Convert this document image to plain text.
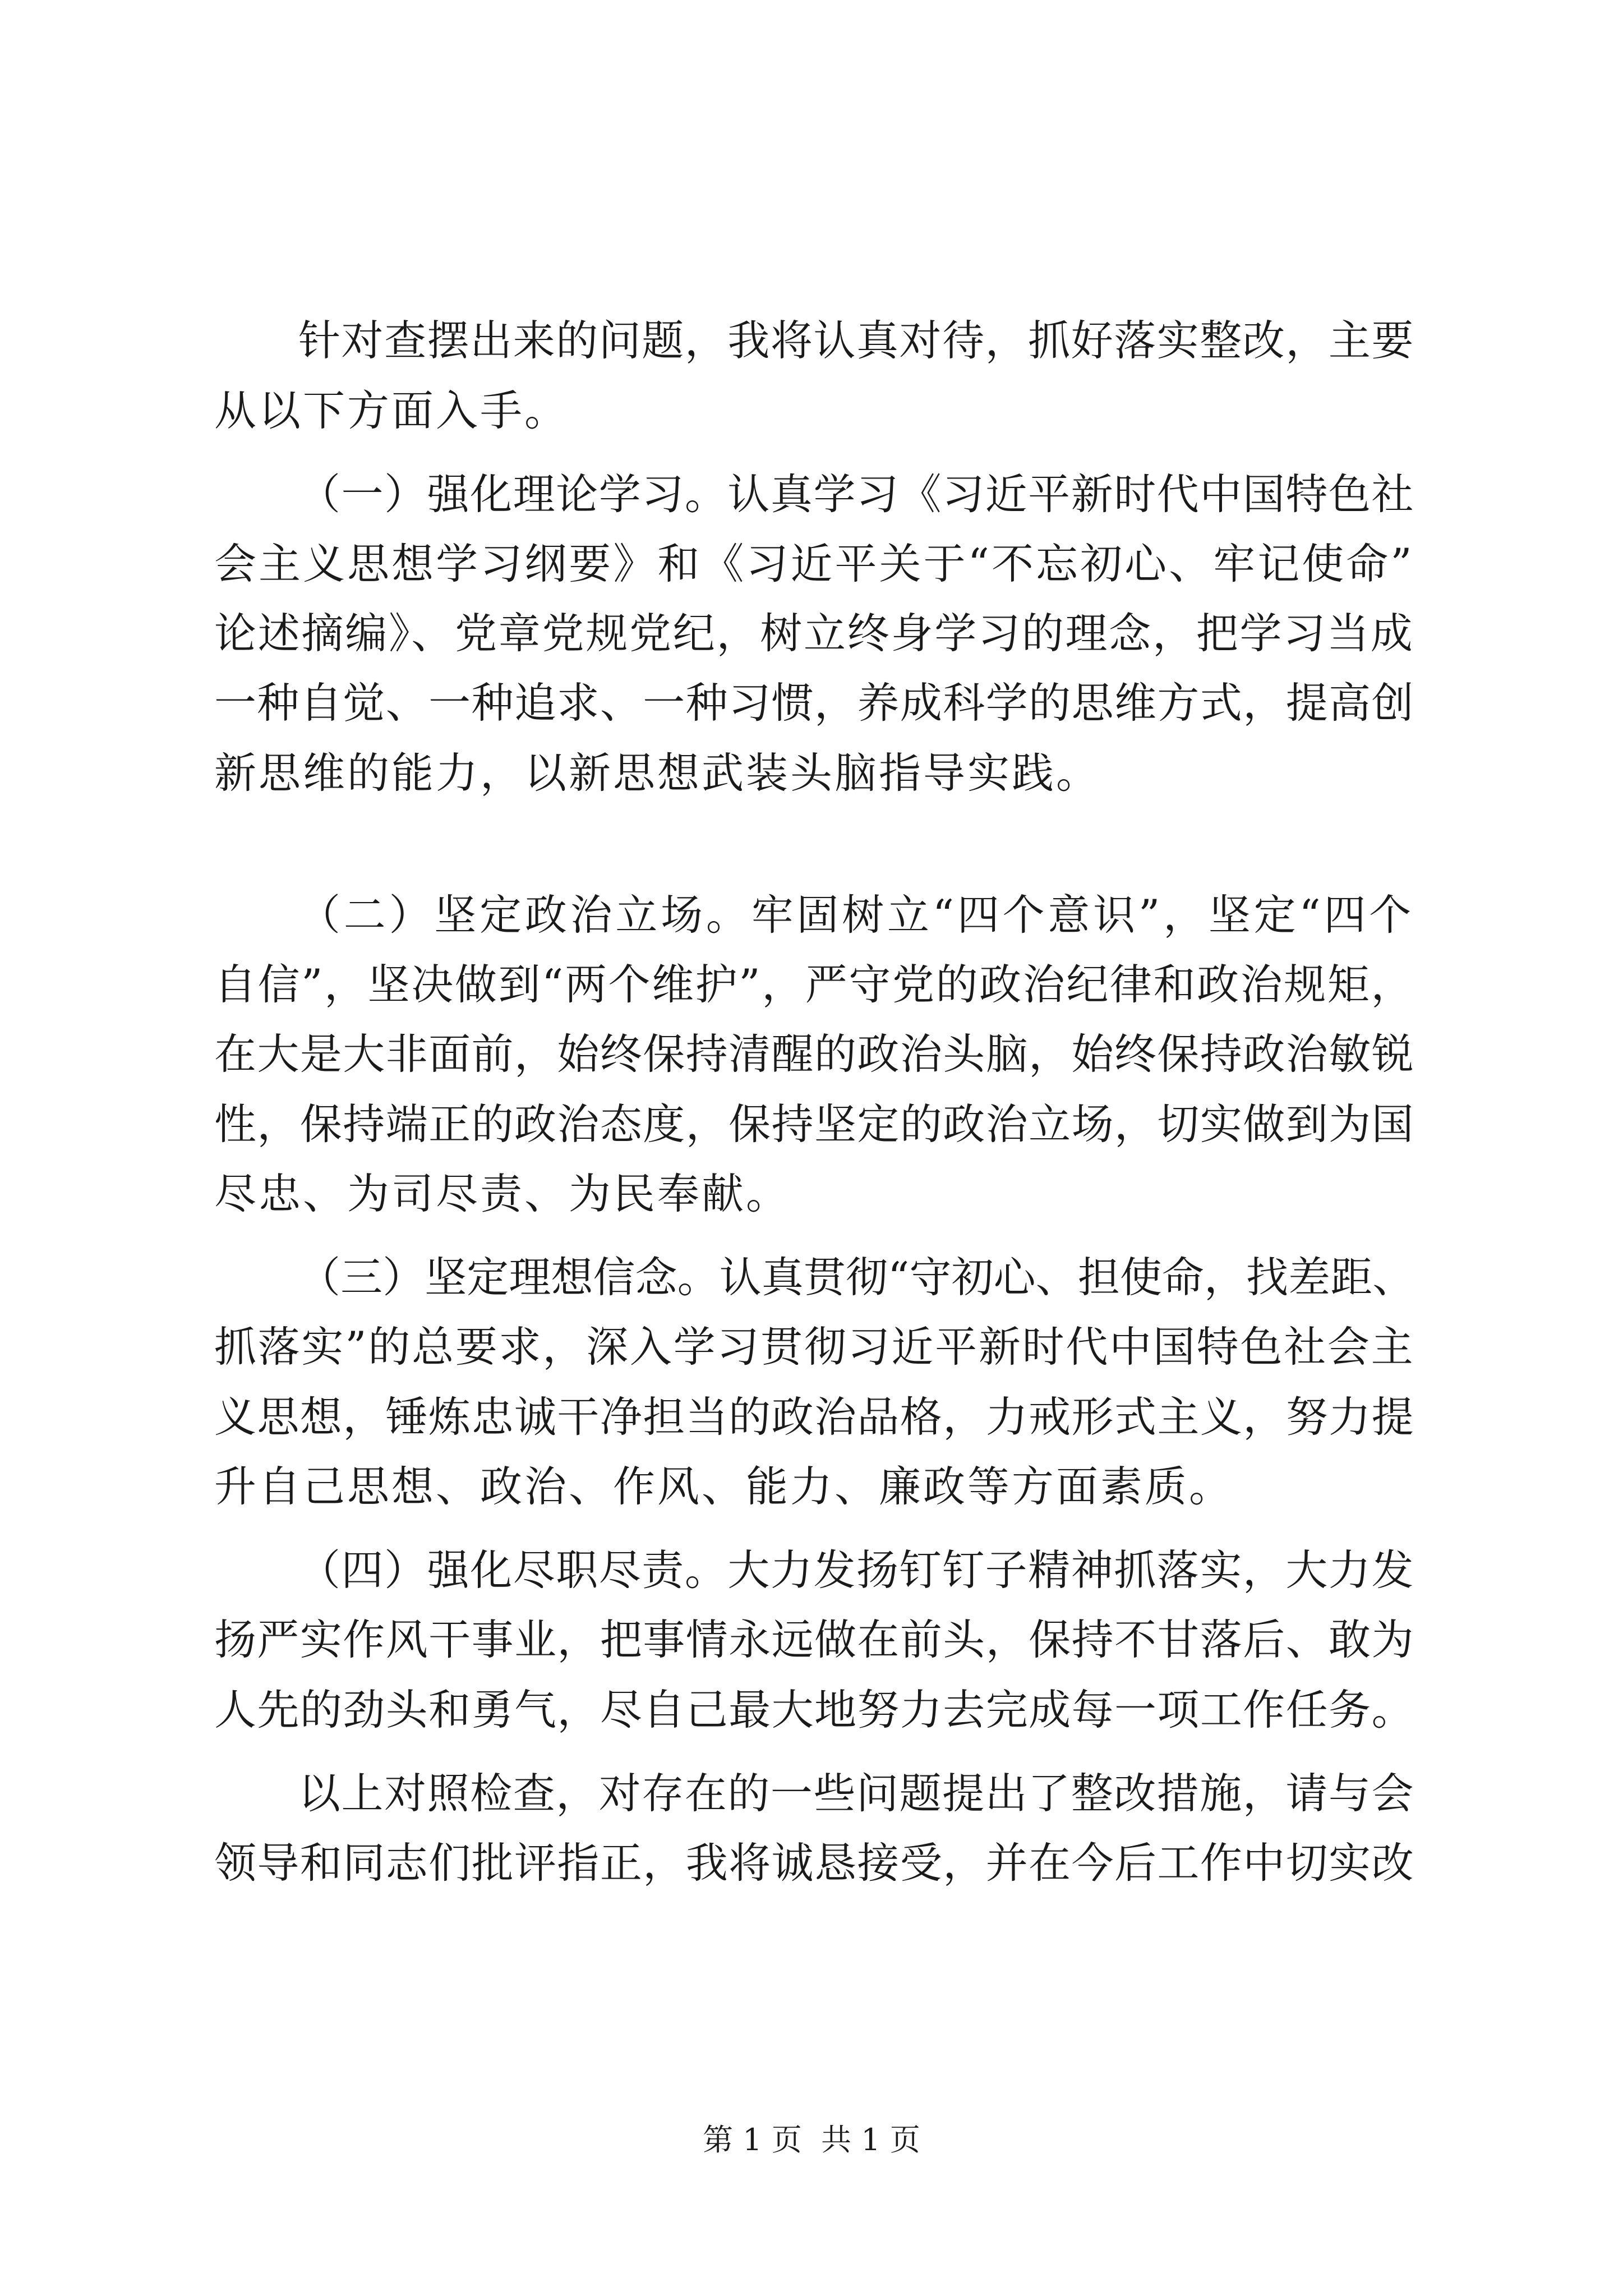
针对查摆出来的问题，我将认真对待，抓好落实整改，主要
从以下方面入手。
（一）强化理论学习。认真学习《习近平新时代中国特色社
会主义思想学习纲要》和《习近平关于“不忘初心、牢记使命”
论述摘编》、党章党规党纪，树立终身学习的理念，把学习当成
一种自觉、一种追求、一种习惯，养成科学的思维方式，提高创
新思维的能力，以新思想武装头脑指导实践。
（二）坚定政治立场。牢固树立“四个意识”，坚定“四个
自信”，坚决做到“两个维护”，严守党的政治纪律和政治规矩，
在大是大非面前，始终保持清醒的政治头脑，始终保持政治敏锐
性，保持端正的政治态度，保持坚定的政治立场，切实做到为国
尽忠、为司尽责、为民奉献。
（三）坚定理想信念。认真贯彻“守初心、担使命，找差距、
抓落实”的总要求，深入学习贯彻习近平新时代中国特色社会主
义思想，锤炼忠诚干净担当的政治品格，力戒形式主义，努力提
升自己思想、政治、作风、能力、廉政等方面素质。
（四）强化尽职尽责。大力发扬钉钉子精神抓落实，大力发
扬严实作风干事业，把事情永远做在前头，保持不甘落后、敢为
人先的劲头和勇气，尽自己最大地努力去完成每一项工作任务。
以上对照检查，对存在的一些问题提出了整改措施，请与会
领导和同志们批评指正，我将诚恳接受，并在今后工作中切实改
第 1 页  共 1 页
